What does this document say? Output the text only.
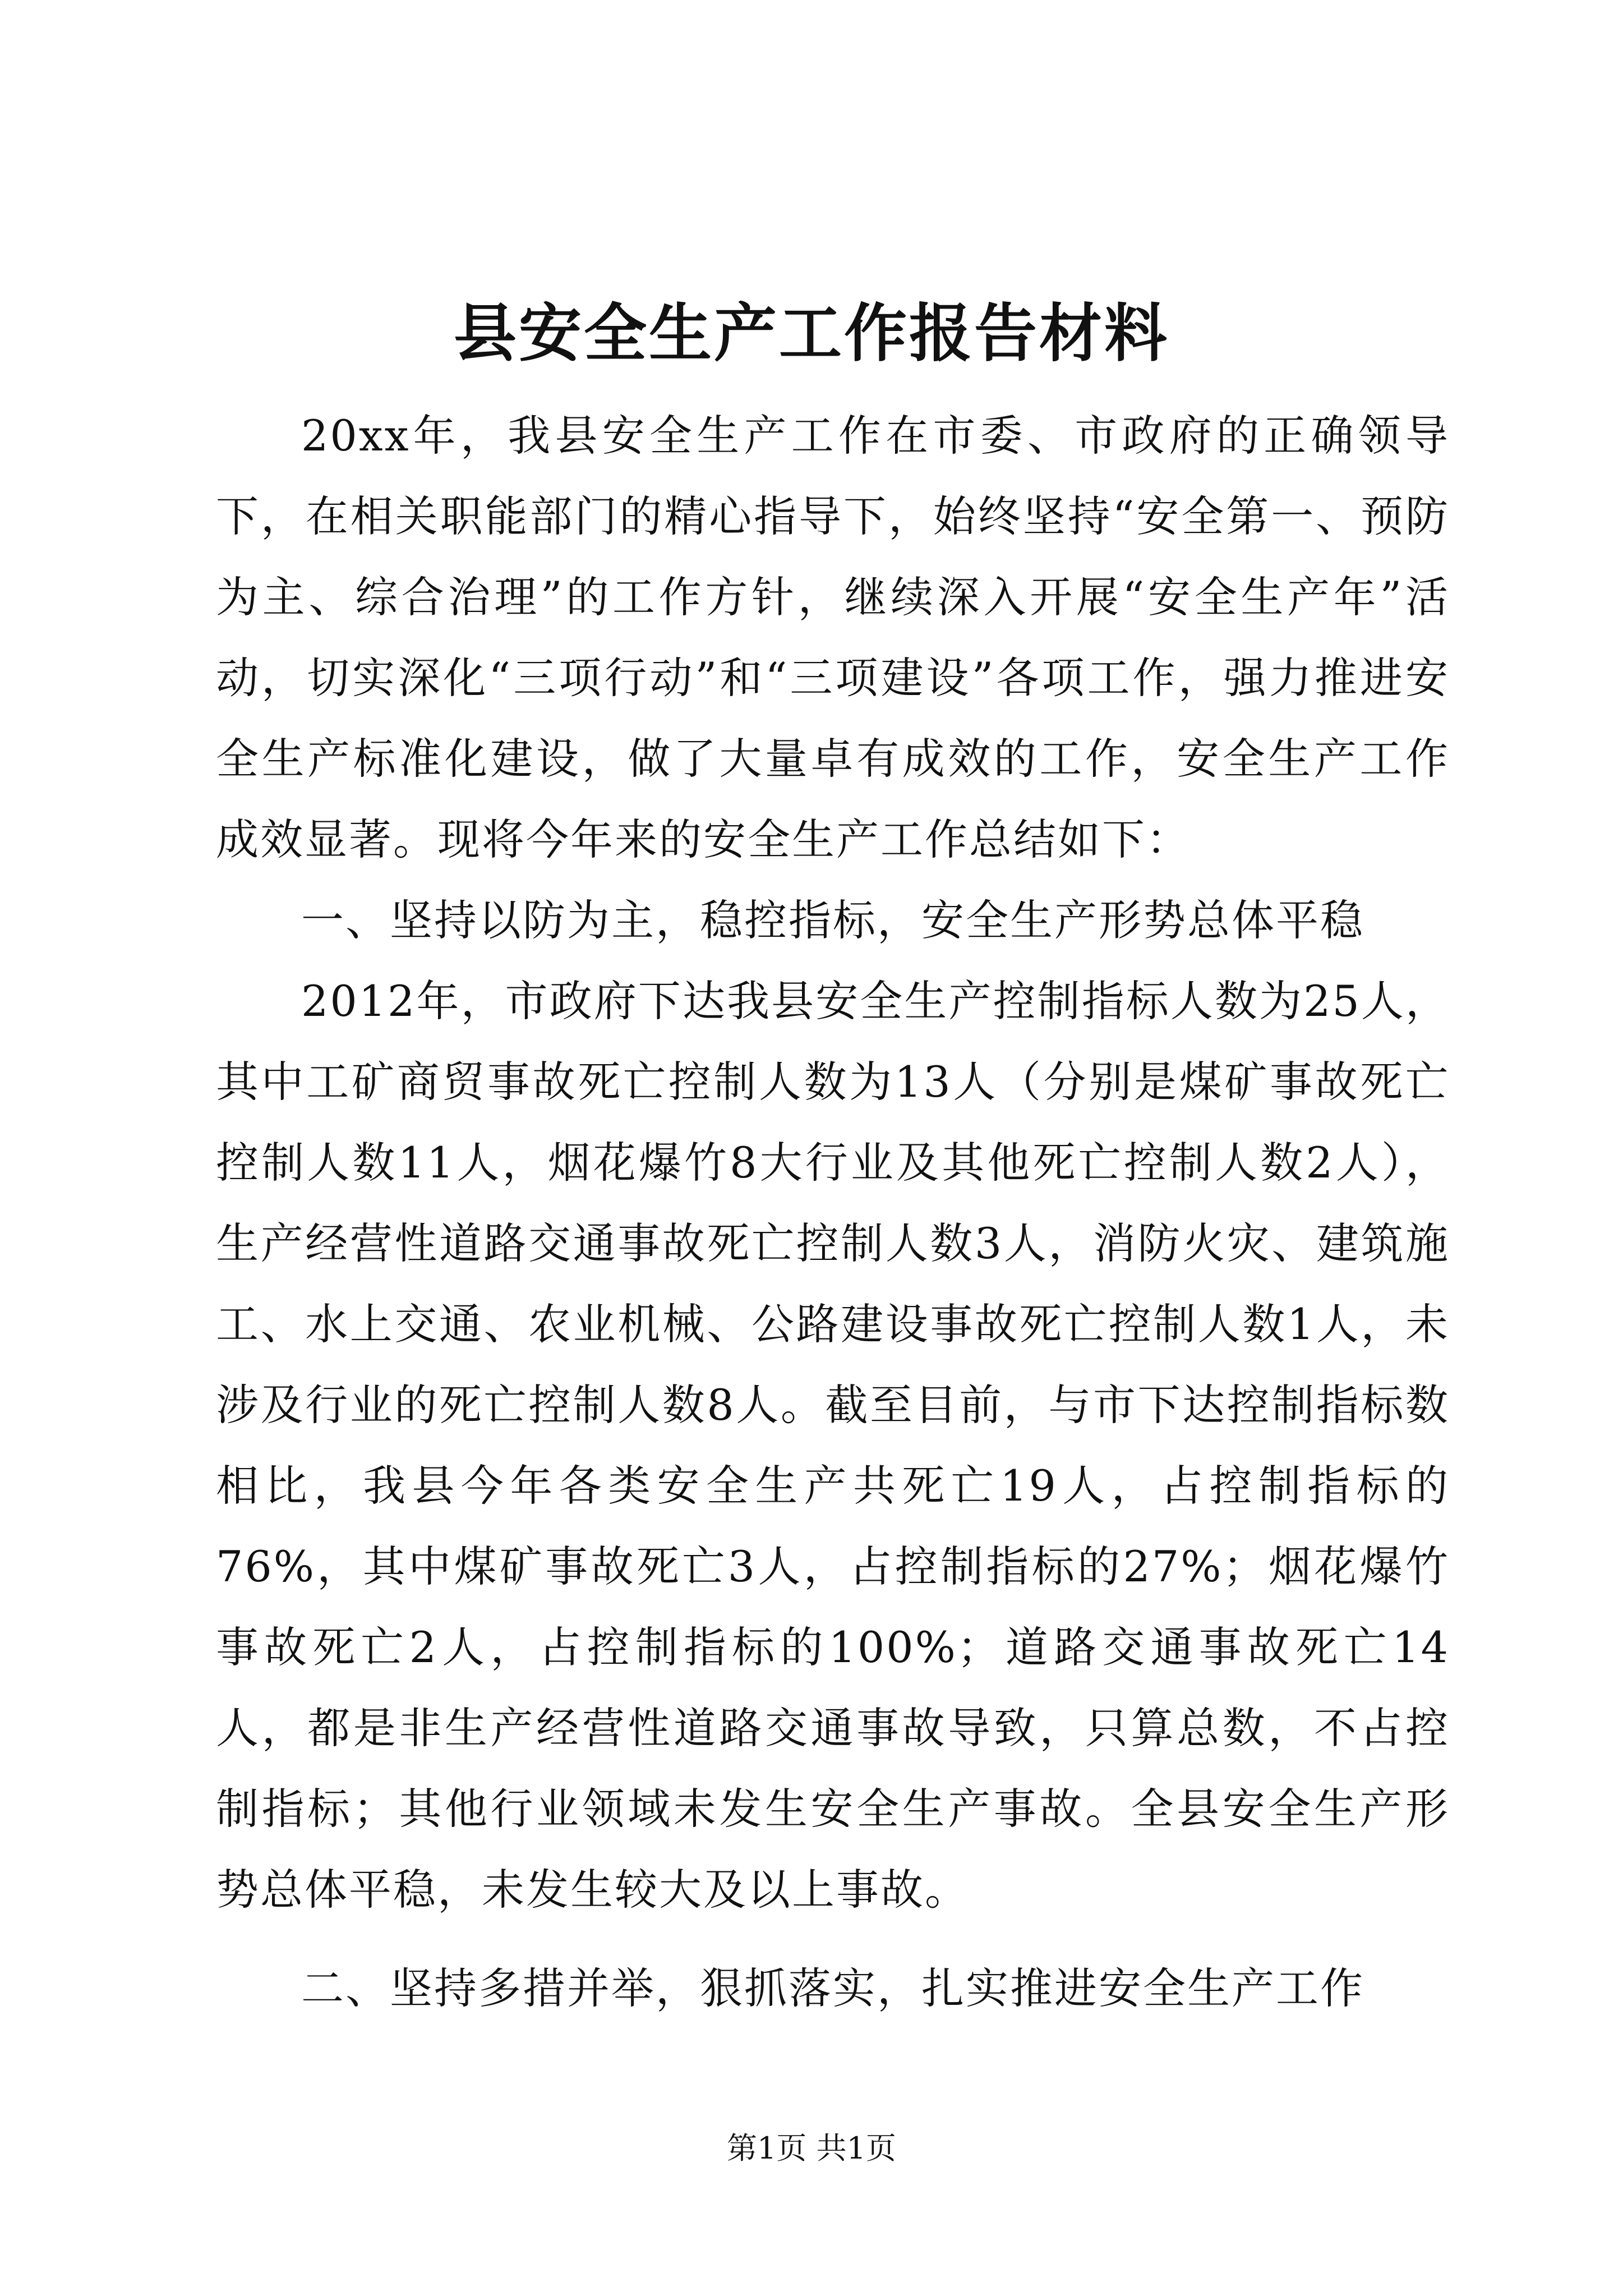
县安全生产工作报告材料

20xx年，我县安全生产工作在市委、市政府的正确领导下，在相关职能部门的精心指导下，始终坚持“安全第一、预防为主、综合治理”的工作方针，继续深入开展“安全生产年”活动，切实深化“三项行动”和“三项建设”各项工作，强力推进安全生产标准化建设，做了大量卓有成效的工作，安全生产工作成效显著。现将今年来的安全生产工作总结如下：

一、坚持以防为主，稳控指标，安全生产形势总体平稳

2012年，市政府下达我县安全生产控制指标人数为25人，其中工矿商贸事故死亡控制人数为13人（分别是煤矿事故死亡控制人数11人，烟花爆竹8大行业及其他死亡控制人数2人），生产经营性道路交通事故死亡控制人数3人，消防火灾、建筑施工、水上交通、农业机械、公路建设事故死亡控制人数1人，未涉及行业的死亡控制人数8人。截至目前，与市下达控制指标数相比，我县今年各类安全生产共死亡19人，占控制指标的76%，其中煤矿事故死亡3人，占控制指标的27%；烟花爆竹事故死亡2人，占控制指标的100%；道路交通事故死亡14人，都是非生产经营性道路交通事故导致，只算总数，不占控制指标；其他行业领域未发生安全生产事故。全县安全生产形势总体平稳，未发生较大及以上事故。

二、坚持多措并举，狠抓落实，扎实推进安全生产工作

第1页 共1页
